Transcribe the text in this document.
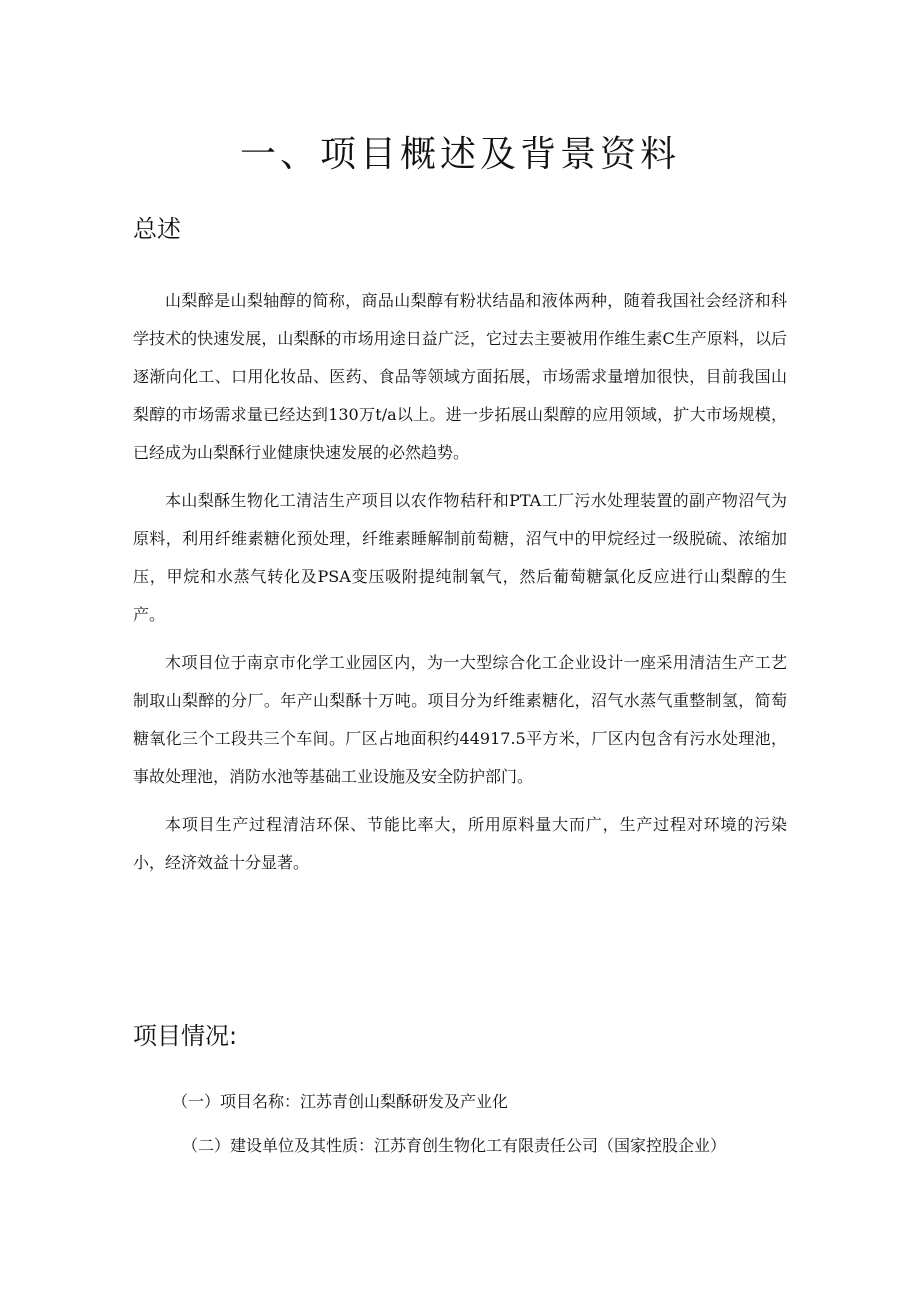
一、项目概述及背景资料
总述

山梨醉是山梨轴醇的简称，商品山梨醇有粉状结晶和液体两种，随着我国社会经济和科学技术的快速发展，山梨酥的市场用途日益广泛，它过去主要被用作维生素C生产原料，以后逐渐向化工、口用化妆品、医药、食品等领域方面拓展，市场需求量增加很快，目前我国山梨醇的市场需求量已经达到130万t/a以上。进一步拓展山梨醇的应用领域，扩大市场规模，已经成为山梨酥行业健康快速发展的必然趋势。

本山梨酥生物化工清洁生产项目以农作物秸秆和PTA工厂污水处理装置的副产物沼气为原料，利用纤维素糖化预处理，纤维素睡解制前萄糖，沼气中的甲烷经过一级脱硫、浓缩加压，甲烷和水蒸气转化及PSA变压吸附提纯制氧气，然后葡萄糖氯化反应进行山梨醇的生产。

木项目位于南京市化学工业园区内，为一大型综合化工企业设计一座采用清洁生产工艺制取山梨醉的分厂。年产山梨酥十万吨。项目分为纤维素糖化，沼气水蒸气重整制氢，简萄糖氧化三个工段共三个车间。厂区占地面积约44917.5平方米，厂区内包含有污水处理池，事故处理池，消防水池等基础工业设施及安全防护部门。

本项目生产过程清洁环保、节能比率大，所用原料量大而广，生产过程对环境的污染小，经济效益十分显著。

项目情况:
（一）项目名称：江苏青创山梨酥研发及产业化
（二）建设单位及其性质：江苏育创生物化工有限责任公司（国家控股企业）
